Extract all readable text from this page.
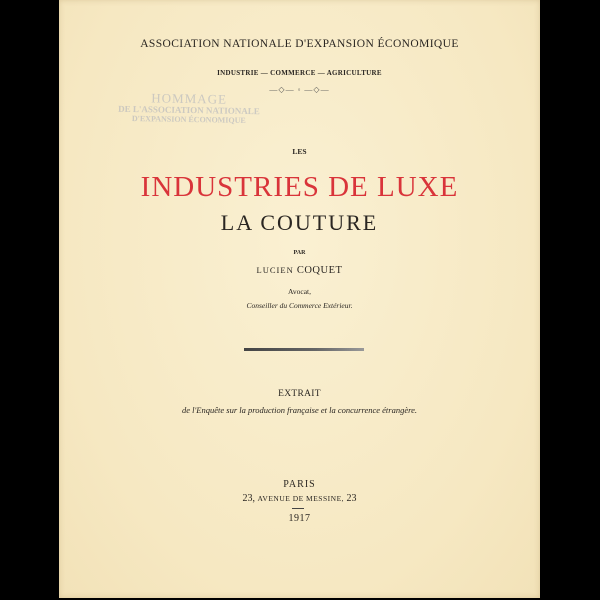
ASSOCIATION NATIONALE D'EXPANSION ÉCONOMIQUE
INDUSTRIE — COMMERCE — AGRICULTURE
—◇— ◦ —◇—
HOMMAGE
DE L'ASSOCIATION NATIONALE
D'EXPANSION ÉCONOMIQUE
LES
INDUSTRIES DE LUXE
LA COUTURE
PAR
LUCIEN COQUET
Avocat,
Conseiller du Commerce Extérieur.
EXTRAIT
de l'Enquête sur la production française et la concurrence étrangère.
PARIS
23, AVENUE DE MESSINE, 23
1917
